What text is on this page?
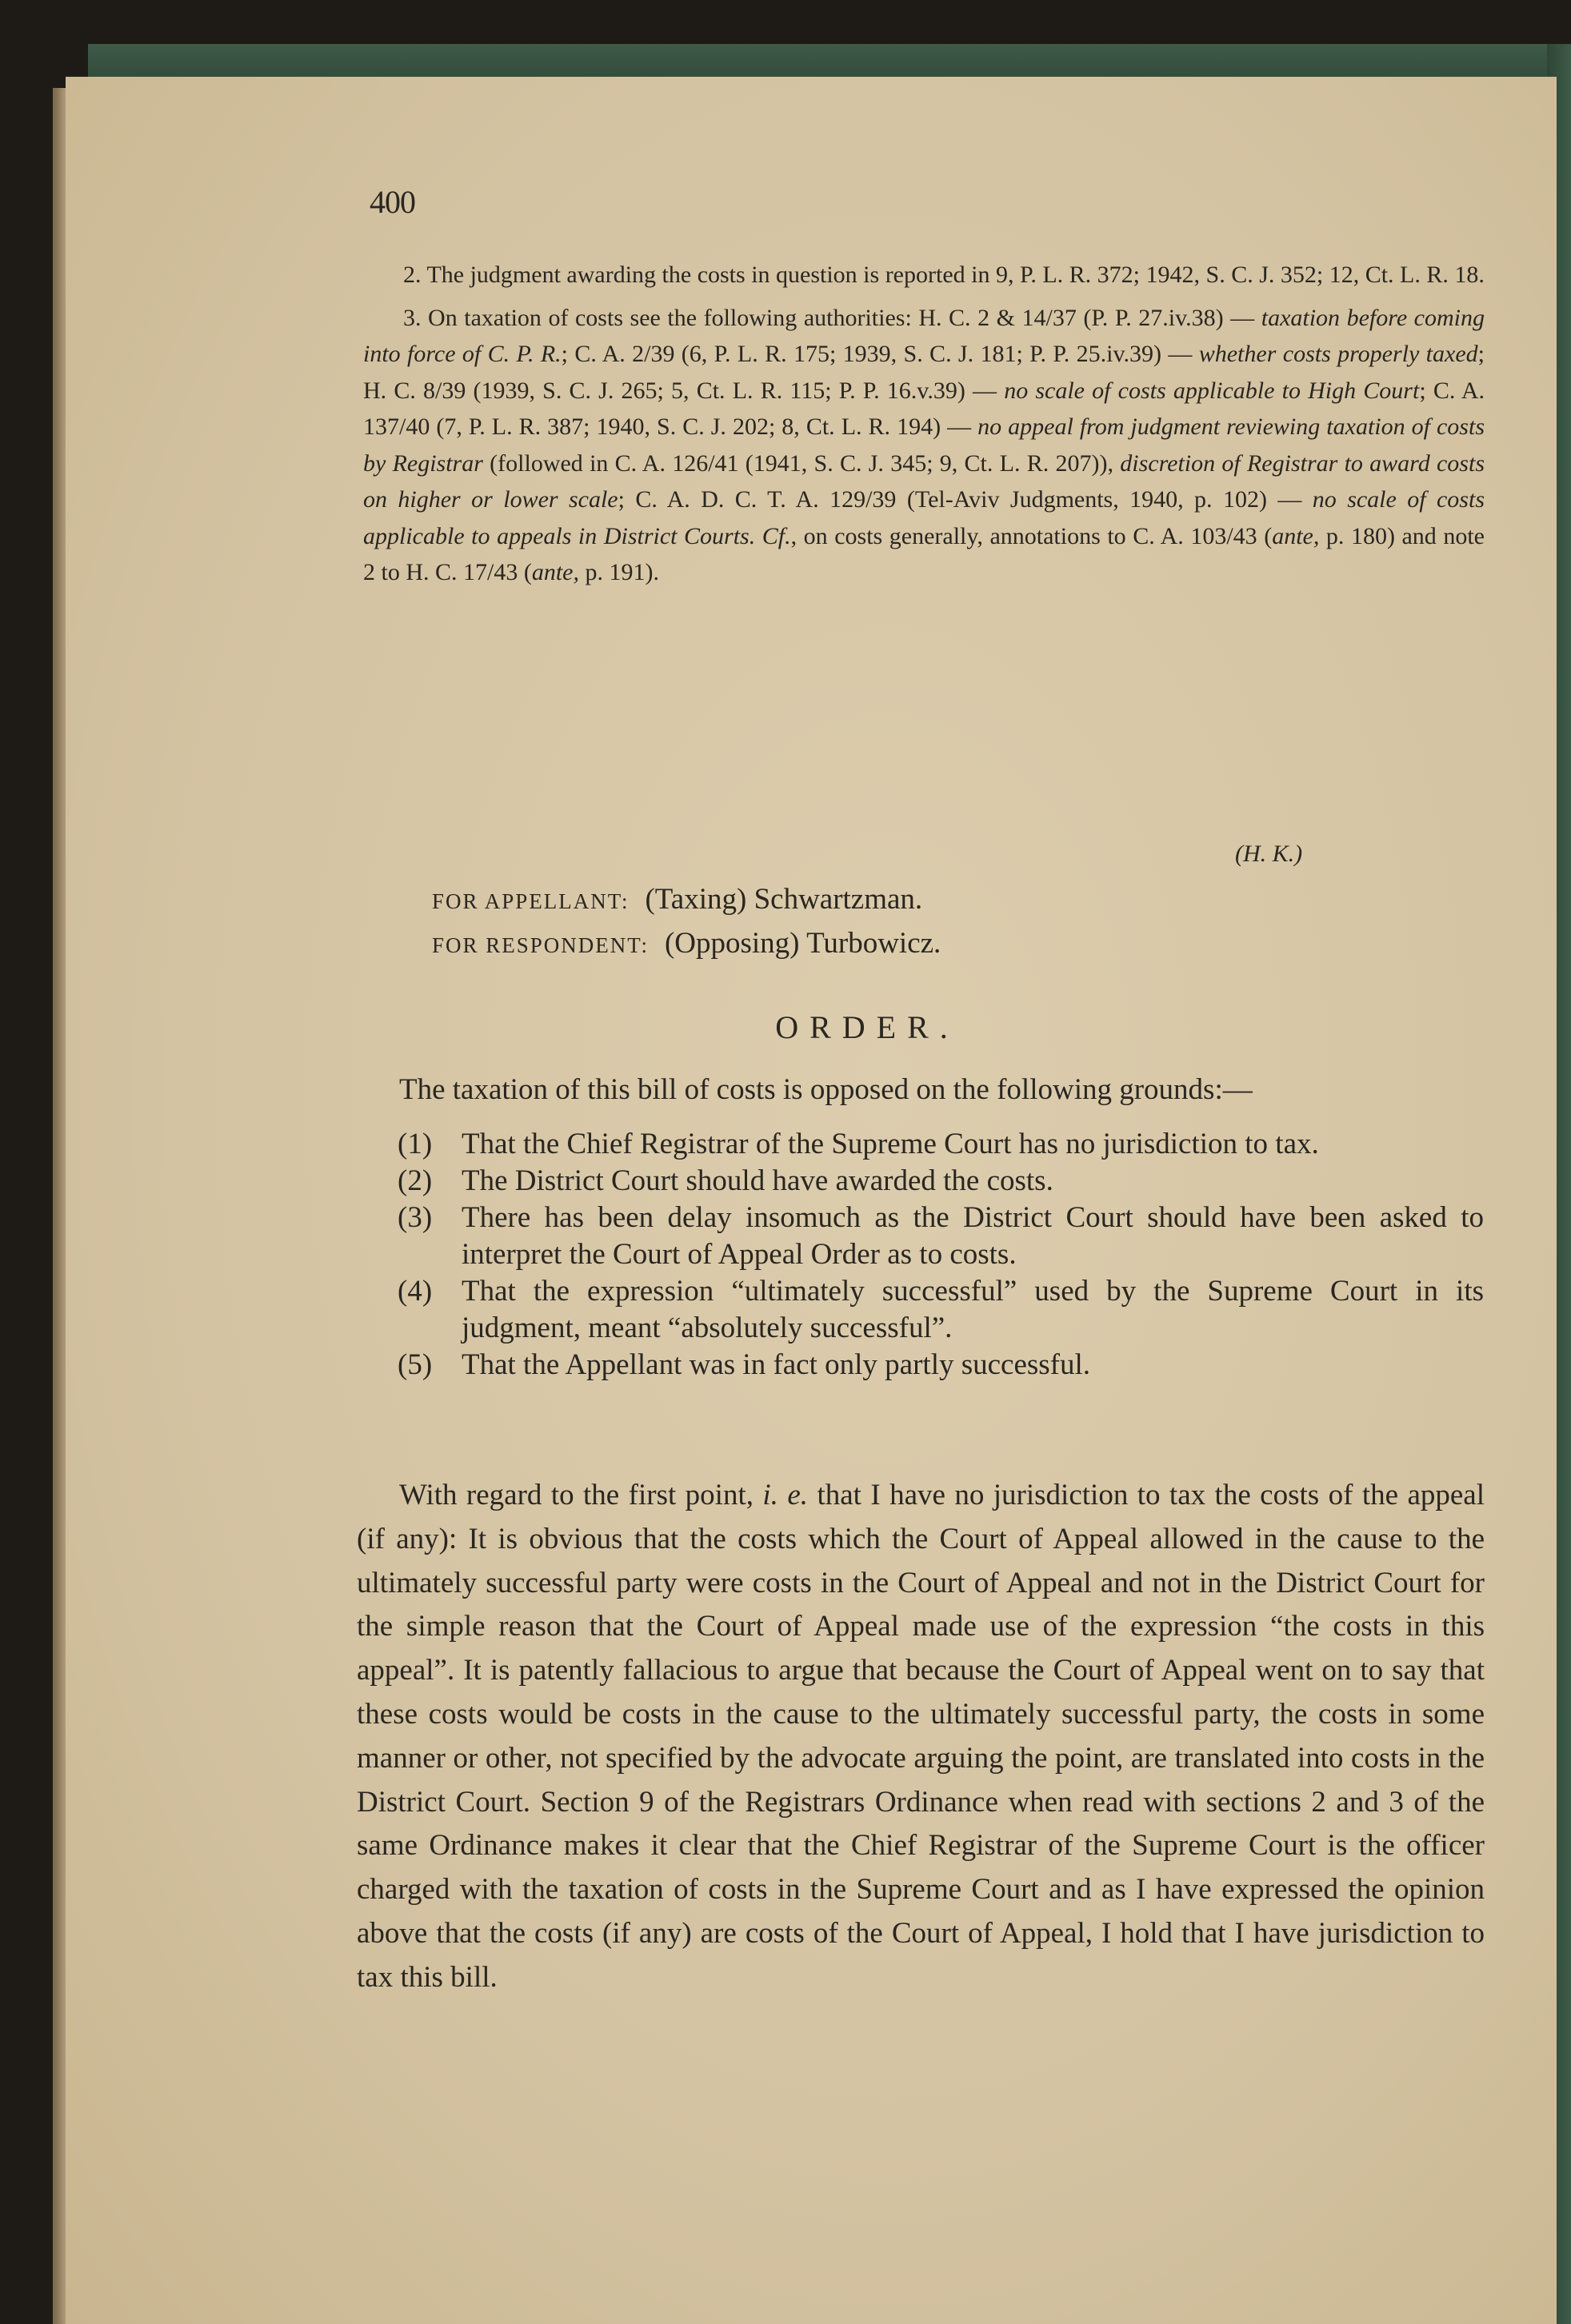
400

2. The judgment awarding the costs in question is reported in 9, P. L. R. 372; 1942, S. C. J. 352; 12, Ct. L. R. 18.

3. On taxation of costs see the following authorities: H. C. 2 & 14/37 (P. P. 27.iv.38) — taxation before coming into force of C. P. R.; C. A. 2/39 (6, P. L. R. 175; 1939, S. C. J. 181; P. P. 25.iv.39) — whether costs properly taxed; H. C. 8/39 (1939, S. C. J. 265; 5, Ct. L. R. 115; P. P. 16.v.39) — no scale of costs applicable to High Court; C. A. 137/40 (7, P. L. R. 387; 1940, S. C. J. 202; 8, Ct. L. R. 194) — no appeal from judgment reviewing taxation of costs by Registrar (followed in C. A. 126/41 (1941, S. C. J. 345; 9, Ct. L. R. 207)), discretion of Registrar to award costs on higher or lower scale; C. A. D. C. T. A. 129/39 (Tel-Aviv Judgments, 1940, p. 102) — no scale of costs applicable to appeals in District Courts. Cf., on costs generally, annotations to C. A. 103/43 (ante, p. 180) and note 2 to H. C. 17/43 (ante, p. 191).

(H. K.)
FOR APPELLANT: (Taxing) Schwartzman.
FOR RESPONDENT: (Opposing) Turbowicz.
ORDER.
The taxation of this bill of costs is opposed on the following grounds:—
(1) That the Chief Registrar of the Supreme Court has no jurisdiction to tax.
(2) The District Court should have awarded the costs.
(3) There has been delay insomuch as the District Court should have been asked to interpret the Court of Appeal Order as to costs.
(4) That the expression “ultimately successful” used by the Supreme Court in its judgment, meant “absolutely successful”.
(5) That the Appellant was in fact only partly successful.

With regard to the first point, i. e. that I have no jurisdiction to tax the costs of the appeal (if any): It is obvious that the costs which the Court of Appeal allowed in the cause to the ultimately successful party were costs in the Court of Appeal and not in the District Court for the simple reason that the Court of Appeal made use of the expression “the costs in this appeal”. It is patently fallacious to argue that because the Court of Appeal went on to say that these costs would be costs in the cause to the ultimately successful party, the costs in some manner or other, not specified by the advocate arguing the point, are translated into costs in the District Court. Section 9 of the Registrars Ordinance when read with sections 2 and 3 of the same Ordinance makes it clear that the Chief Registrar of the Supreme Court is the officer charged with the taxation of costs in the Supreme Court and as I have expressed the opinion above that the costs (if any) are costs of the Court of Appeal, I hold that I have jurisdiction to tax this bill.
